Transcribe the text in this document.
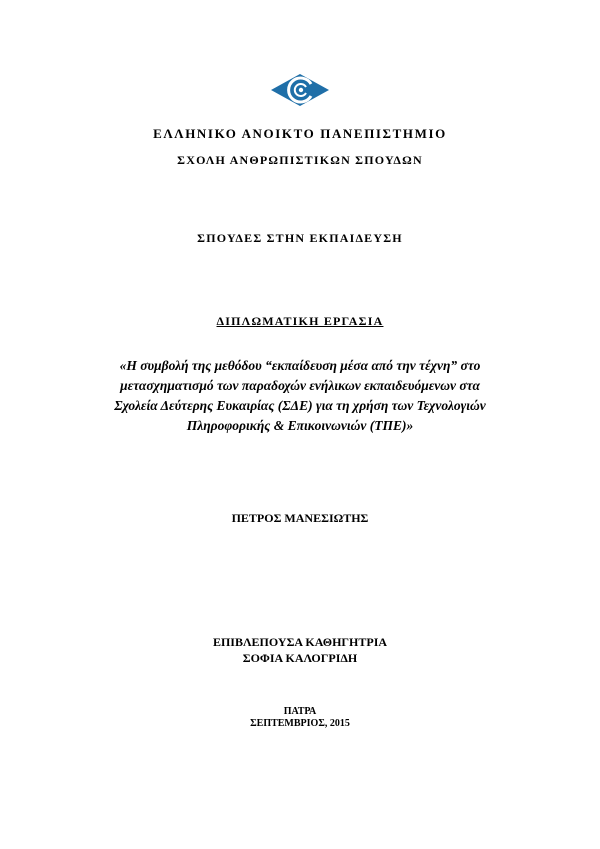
ΕΛΛΗΝΙΚΟ ΑΝΟΙΚΤΟ ΠΑΝΕΠΙΣΤΗΜΙΟ
ΣΧΟΛΗ ΑΝΘΡΩΠΙΣΤΙΚΩΝ ΣΠΟΥΔΩΝ
ΣΠΟΥΔΕΣ ΣΤΗΝ ΕΚΠΑΙΔΕΥΣΗ
ΔΙΠΛΩΜΑΤΙΚΗ ΕΡΓΑΣΙΑ
«Η συμβολή της μεθόδου “εκπαίδευση μέσα από την τέχνη” στο
μετασχηματισμό των παραδοχών ενήλικων εκπαιδευόμενων στα
Σχολεία Δεύτερης Ευκαιρίας (ΣΔΕ) για τη χρήση των Τεχνολογιών
Πληροφορικής & Επικοινωνιών (ΤΠΕ)»
ΠΕΤΡΟΣ ΜΑΝΕΣΙΩΤΗΣ
ΕΠΙΒΛΕΠΟΥΣΑ ΚΑΘΗΓΗΤΡΙΑ
ΣΟΦΙΑ ΚΑΛΟΓΡΙΔΗ
ΠΑΤΡΑ
ΣΕΠΤΕΜΒΡΙΟΣ, 2015
